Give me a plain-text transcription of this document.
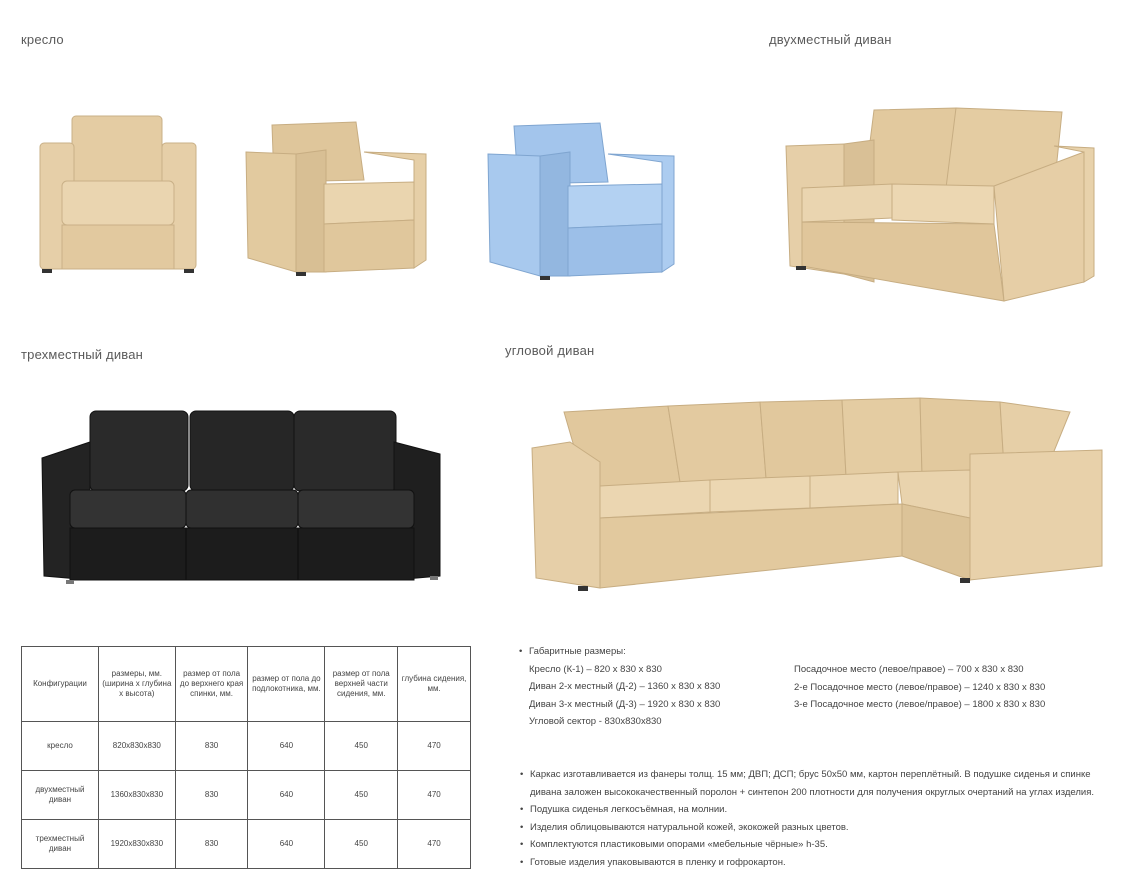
кресло	двухместный диван
трехместный диван	угловой диван
Конфигурации	размеры, мм. (ширина х глубина х высота)	размер от пола до верхнего края спинки, мм.	размер от пола до подлокотника, мм.	размер от пола верхней части сидения, мм.	глубина сидения, мм.
кресло	820х830х830	830	640	450	470
двухместный диван	1360х830х830	830	640	450	470
трехместный диван	1920х830х830	830	640	450	470
• Габаритные размеры:
Кресло (К-1) – 820 х 830 х 830
Диван 2-х местный (Д-2) – 1360 х 830 х 830
Диван 3-х местный (Д-3) – 1920 х 830 х 830
Угловой сектор - 830х830х830
Посадочное место (левое/правое) – 700 х 830 х 830
2-е Посадочное место (левое/правое) – 1240 х 830 х 830
3-е Посадочное место (левое/правое) – 1800 х 830 х 830
• Каркас изготавливается из фанеры толщ. 15 мм; ДВП; ДСП; брус 50х50 мм, картон переплётный. В подушке сиденья и спинке
дивана заложен высококачественный поролон + синтепон 200 плотности для получения округлых очертаний на углах изделия.
• Подушка сиденья легкосъёмная, на молнии.
• Изделия облицовываются натуральной кожей, экокожей разных цветов.
• Комплектуются пластиковыми опорами «мебельные чёрные» h-35.
• Готовые изделия упаковываются в пленку и гофрокартон.
